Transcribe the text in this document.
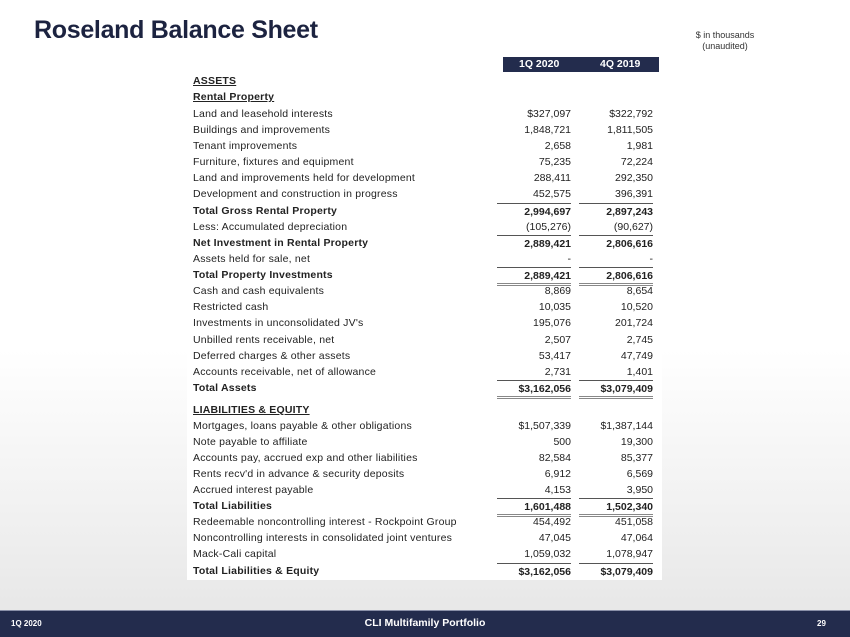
Roseland Balance Sheet	$ in thousands
(unaudited)
1Q 2020	4Q 2019
ASSETS
Rental Property
Land and leasehold interests	$327,097	$322,792
Buildings and improvements	1,848,721	1,811,505
Tenant improvements	2,658	1,981
Furniture, fixtures and equipment	75,235	72,224
Land and improvements held for development	288,411	292,350
Development and construction in progress	452,575	396,391
Total Gross Rental Property	2,994,697	2,897,243
Less: Accumulated depreciation	(105,276)	(90,627)
Net Investment in Rental Property	2,889,421	2,806,616
Assets held for sale, net	-	-
Total Property Investments	2,889,421	2,806,616
Cash and cash equivalents	8,869	8,654
Restricted cash	10,035	10,520
Investments in unconsolidated JV's	195,076	201,724
Unbilled rents receivable, net	2,507	2,745
Deferred charges & other assets	53,417	47,749
Accounts receivable, net of allowance	2,731	1,401
Total Assets	$3,162,056	$3,079,409
LIABILITIES & EQUITY
Mortgages, loans payable & other obligations	$1,507,339	$1,387,144
Note payable to affiliate	500	19,300
Accounts pay, accrued exp and other liabilities	82,584	85,377
Rents recv'd in advance & security deposits	6,912	6,569
Accrued interest payable	4,153	3,950
Total Liabilities	1,601,488	1,502,340
Redeemable noncontrolling interest - Rockpoint Group	454,492	451,058
Noncontrolling interests in consolidated joint ventures	47,045	47,064
Mack-Cali capital	1,059,032	1,078,947
Total Liabilities & Equity	$3,162,056	$3,079,409
1Q 2020	CLI Multifamily Portfolio	29
